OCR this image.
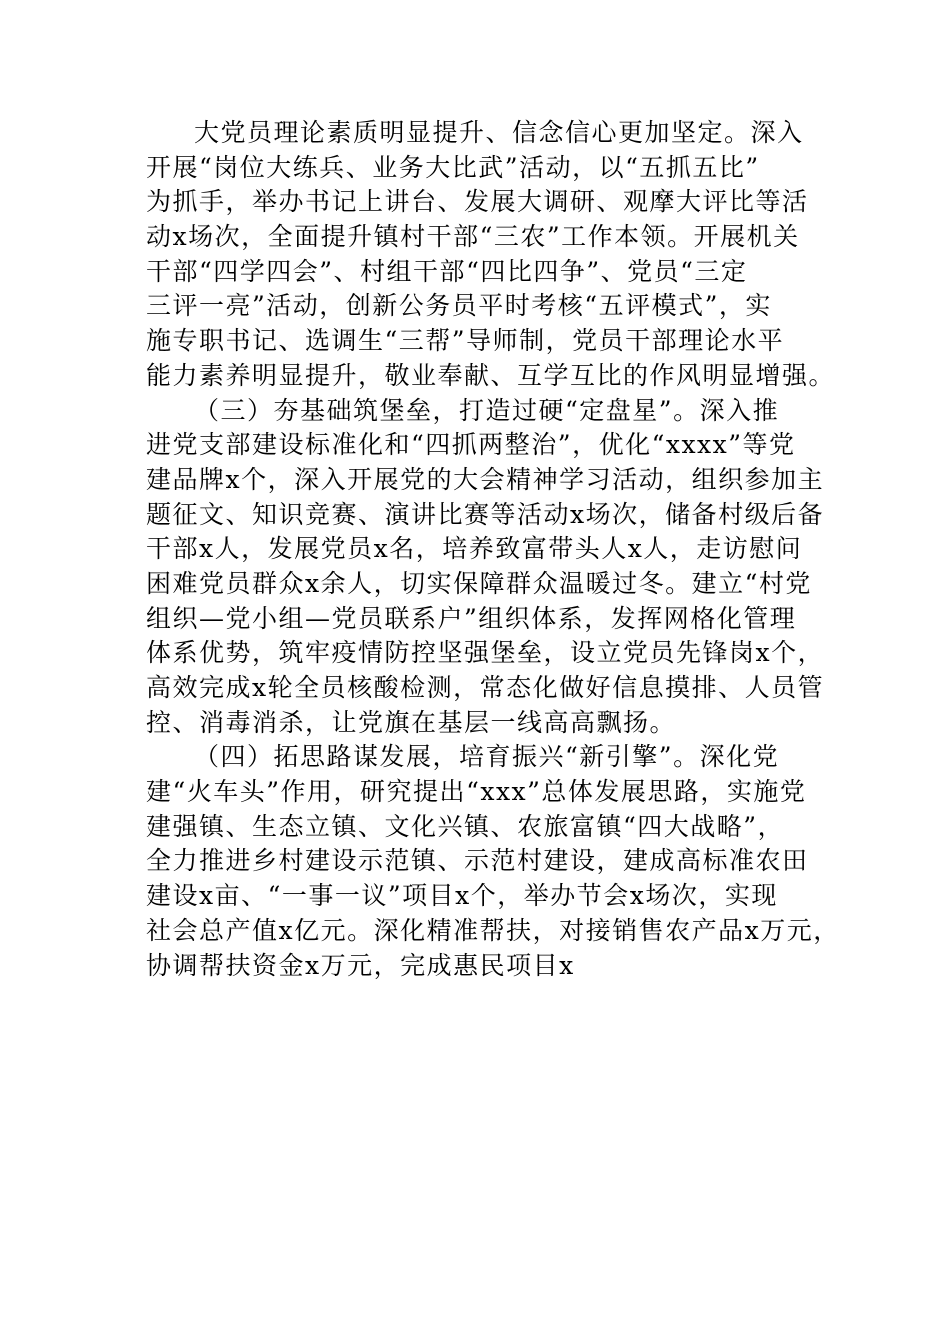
大党员理论素质明显提升、信念信心更加坚定。深入
开展“岗位大练兵、业务大比武”活动，以“五抓五比”
为抓手，举办书记上讲台、发展大调研、观摩大评比等活
动x场次，全面提升镇村干部“三农”工作本领。开展机关
干部“四学四会”、村组干部“四比四争”、党员“三定
三评一亮”活动，创新公务员平时考核“五评模式”，实
施专职书记、选调生“三帮”导师制，党员干部理论水平
能力素养明显提升，敬业奉献、互学互比的作风明显增强。
（三）夯基础筑堡垒，打造过硬“定盘星”。深入推
进党支部建设标准化和“四抓两整治”，优化“xxxx”等党
建品牌x个，深入开展党的大会精神学习活动，组织参加主
题征文、知识竞赛、演讲比赛等活动x场次，储备村级后备
干部x人，发展党员x名，培养致富带头人x人，走访慰问
困难党员群众x余人，切实保障群众温暖过冬。建立“村党
组织—党小组—党员联系户”组织体系，发挥网格化管理
体系优势，筑牢疫情防控坚强堡垒，设立党员先锋岗x个，
高效完成x轮全员核酸检测，常态化做好信息摸排、人员管
控、消毒消杀，让党旗在基层一线高高飘扬。
（四）拓思路谋发展，培育振兴“新引擎”。深化党
建“火车头”作用，研究提出“xxx”总体发展思路，实施党
建强镇、生态立镇、文化兴镇、农旅富镇“四大战略”，
全力推进乡村建设示范镇、示范村建设，建成高标准农田
建设x亩、“一事一议”项目x个，举办节会x场次，实现
社会总产值x亿元。深化精准帮扶，对接销售农产品x万元，
协调帮扶资金x万元，完成惠民项目x
